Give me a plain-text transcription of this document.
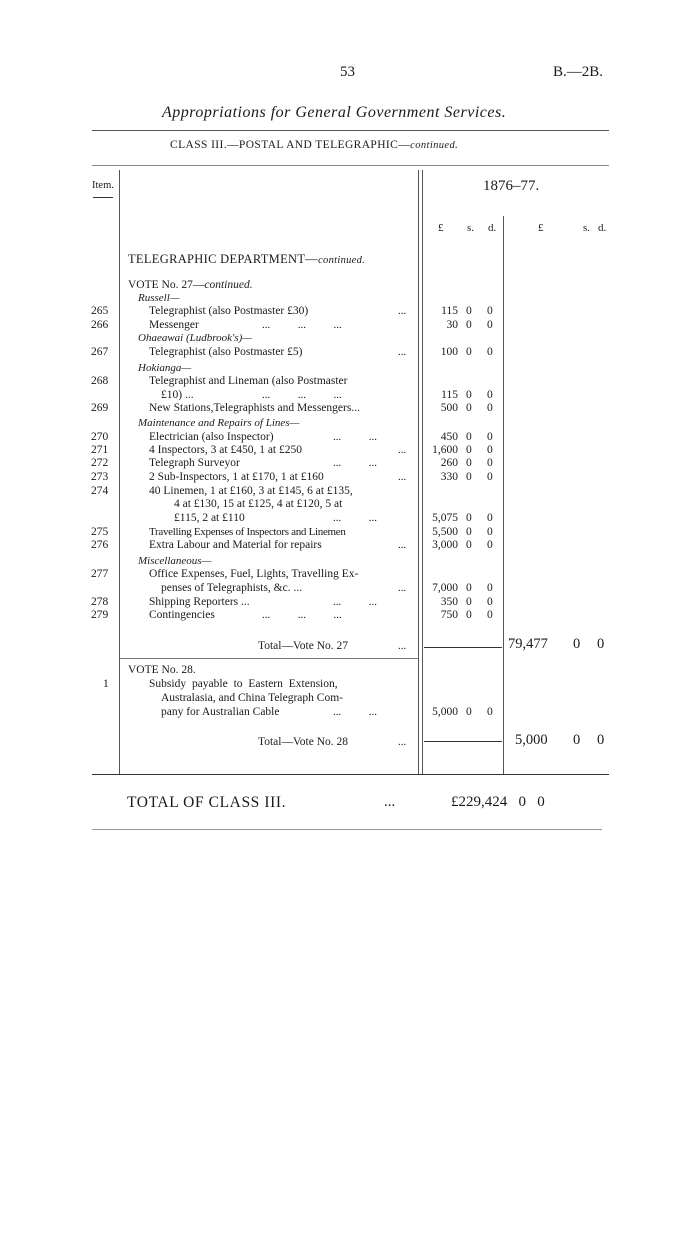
53	B.—2B.
Appropriations for General Government Services.
CLASS III.—POSTAL AND TELEGRAPHIC—continued.
Item.	1876–77.
£ s. d.	£	s. d.
TELEGRAPHIC DEPARTMENT—continued.
VOTE No. 27—continued.
Russell—
265	Telegraphist (also Postmaster £30)	...	115 0 0
266	Messenger	...          ...          ...	30 0 0
Ohaeawai (Ludbrook's)—
267	Telegraphist (also Postmaster £5)	...	100 0 0
Hokianga—
268	Telegraphist and Lineman (also Postmaster
£10) ...	...          ...          ...	115 0 0
269	New Stations,Telegraphists and Messengers...	500 0 0
Maintenance and Repairs of Lines—
270	Electrician (also Inspector)	...          ...	450 0 0
271	4 Inspectors, 3 at £450, 1 at £250	...	1,600 0 0
272	Telegraph Surveyor	...          ...	260 0 0
273	2 Sub-Inspectors, 1 at £170, 1 at £160	...	330 0 0
274	40 Linemen, 1 at £160, 3 at £145, 6 at £135,
4 at £130, 15 at £125, 4 at £120, 5 at
£115, 2 at £110	...          ...	5,075 0 0
275	Travelling Expenses of Inspectors and Linemen	5,500 0 0
276	Extra Labour and Material for repairs	...	3,000 0 0
Miscellaneous—
277	Office Expenses, Fuel, Lights, Travelling Ex-
penses of Telegraphists, &c. ...	...	7,000 0 0
278	Shipping Reporters ...	...          ...	350 0 0
279	Contingencies	...          ...          ...	750 0 0
Total—Vote No. 27	...	79,477 0 0
VOTE No. 28.
1	Subsidy payable to Eastern Extension,
Australasia, and China Telegraph Com-
pany for Australian Cable	...          ...	5,000 0 0
Total—Vote No. 28	...	5,000 0 0
TOTAL OF CLASS III.	...	£229,424 0 0
